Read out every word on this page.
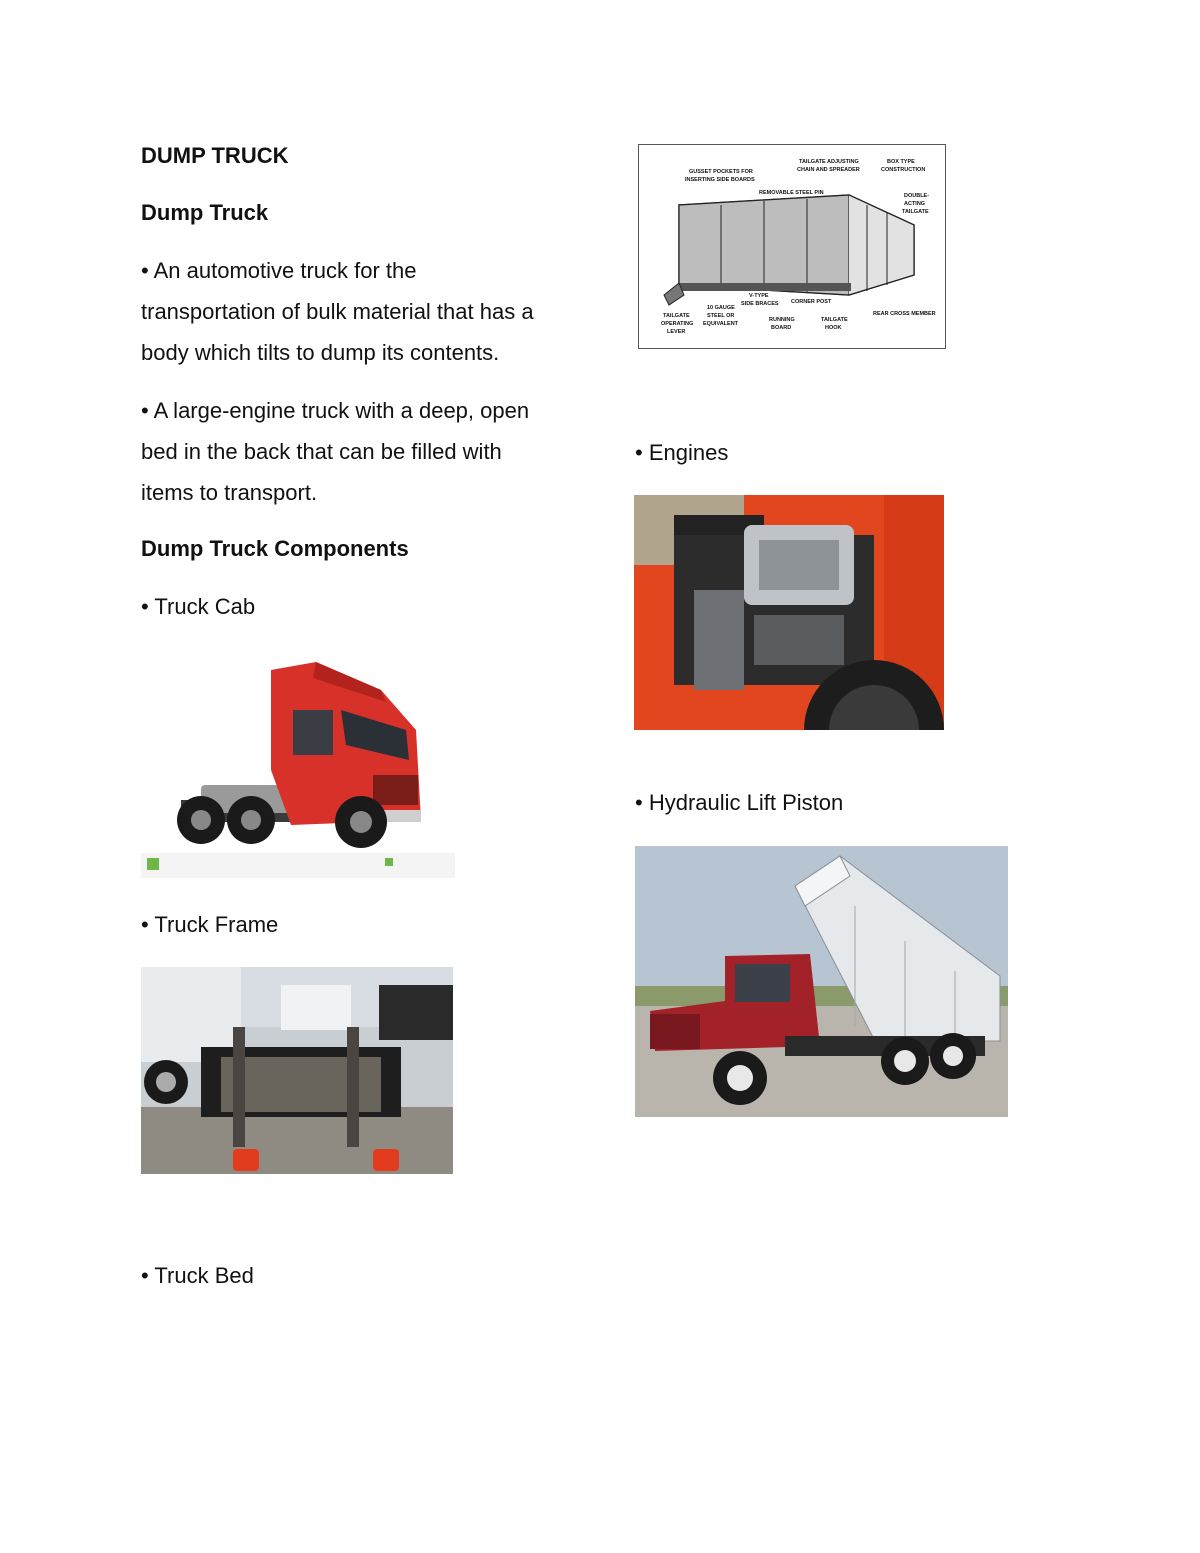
DUMP TRUCK
Dump Truck
• An automotive truck for the
transportation of bulk material that has a
body which tilts to dump its contents.
• A large-engine truck with a deep, open
bed in the back that can be filled with
items to transport.
Dump Truck Components
• Truck Cab
• Truck Frame
• Truck Bed
GUSSET POCKETS FOR
INSERTING SIDE BOARDS
TAILGATE ADJUSTING
CHAIN AND SPREADER
BOX TYPE
CONSTRUCTION
REMOVABLE STEEL PIN	DOUBLE-
ACTING
TAILGATE
TAILGATE
OPERATING
LEVER
10 GAUGE
STEEL OR
EQUIVALENT
V-TYPE
SIDE BRACES CORNER POST
RUNNING
BOARD
TAILGATE
HOOK
REAR CROSS MEMBER
• Engines
• Hydraulic Lift Piston
